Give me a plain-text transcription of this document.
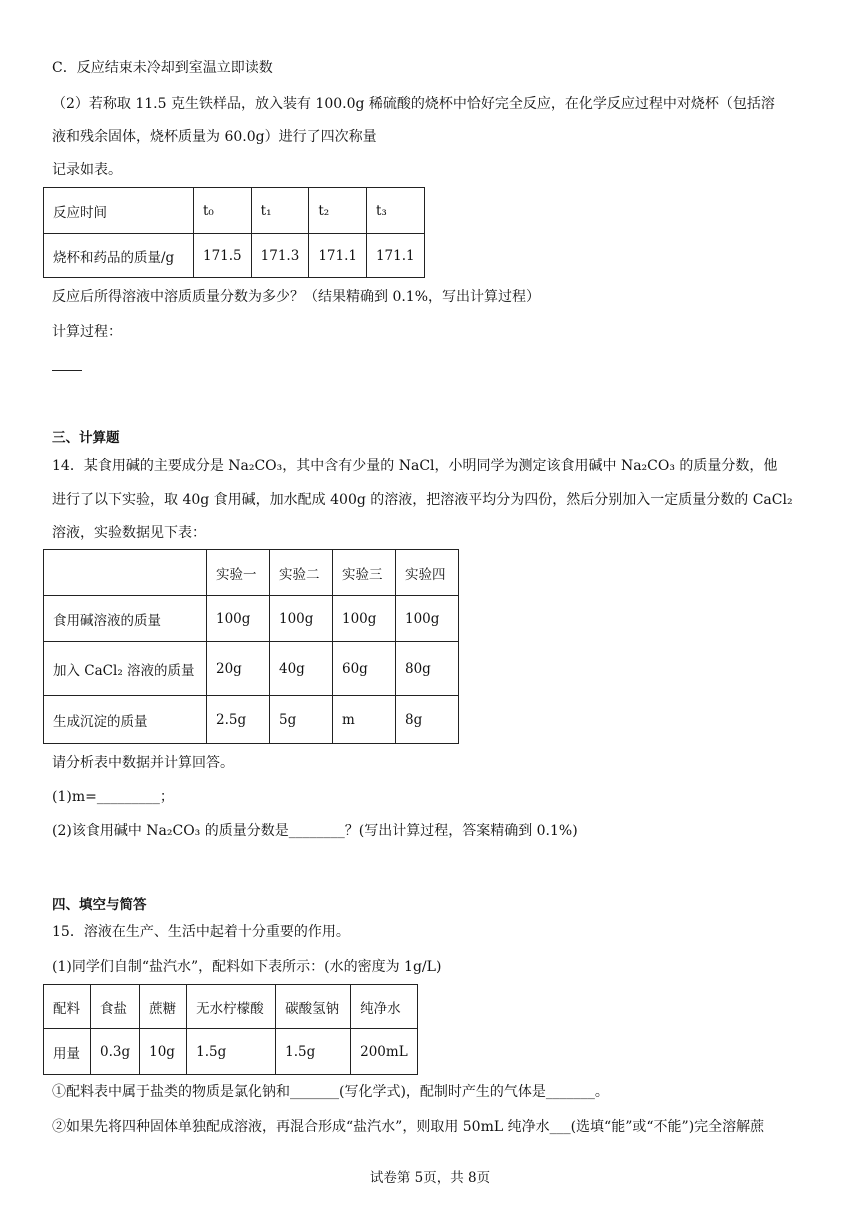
C．反应结束未冷却到室温立即读数
（2）若称取 11.5 克生铁样品，放入装有 100.0g 稀硫酸的烧杯中恰好完全反应，在化学反应过程中对烧杯（包括溶
液和残余固体，烧杯质量为 60.0g）进行了四次称量
记录如表。
反应时间	t₀	t₁	t₂	t₃
烧杯和药品的质量/g	171.5	171.3	171.1	171.1
反应后所得溶液中溶质质量分数为多少？（结果精确到 0.1%，写出计算过程）
计算过程：
三、计算题
14．某食用碱的主要成分是 Na₂CO₃，其中含有少量的 NaCl，小明同学为测定该食用碱中 Na₂CO₃ 的质量分数，他
进行了以下实验，取 40g 食用碱，加水配成 400g 的溶液，把溶液平均分为四份，然后分别加入一定质量分数的 CaCl₂
溶液，实验数据见下表：
	实验一	实验二	实验三	实验四
食用碱溶液的质量	100g	100g	100g	100g
加入 CaCl₂ 溶液的质量	20g	40g	60g	80g
生成沉淀的质量	2.5g	5g	m	8g
请分析表中数据并计算回答。
(1)m=_________；
(2)该食用碱中 Na₂CO₃ 的质量分数是________？(写出计算过程，答案精确到 0.1%)
四、填空与简答
15．溶液在生产、生活中起着十分重要的作用。
(1)同学们自制“盐汽水”，配料如下表所示：(水的密度为 1g/L)
配料	食盐	蔗糖	无水柠檬酸	碳酸氢钠	纯净水
用量	0.3g	10g	1.5g	1.5g	200mL
①配料表中属于盐类的物质是氯化钠和_______(写化学式)，配制时产生的气体是_______。
②如果先将四种固体单独配成溶液，再混合形成“盐汽水”，则取用 50mL 纯净水___(选填“能”或“不能”)完全溶解蔗
试卷第 5页，共 8页
